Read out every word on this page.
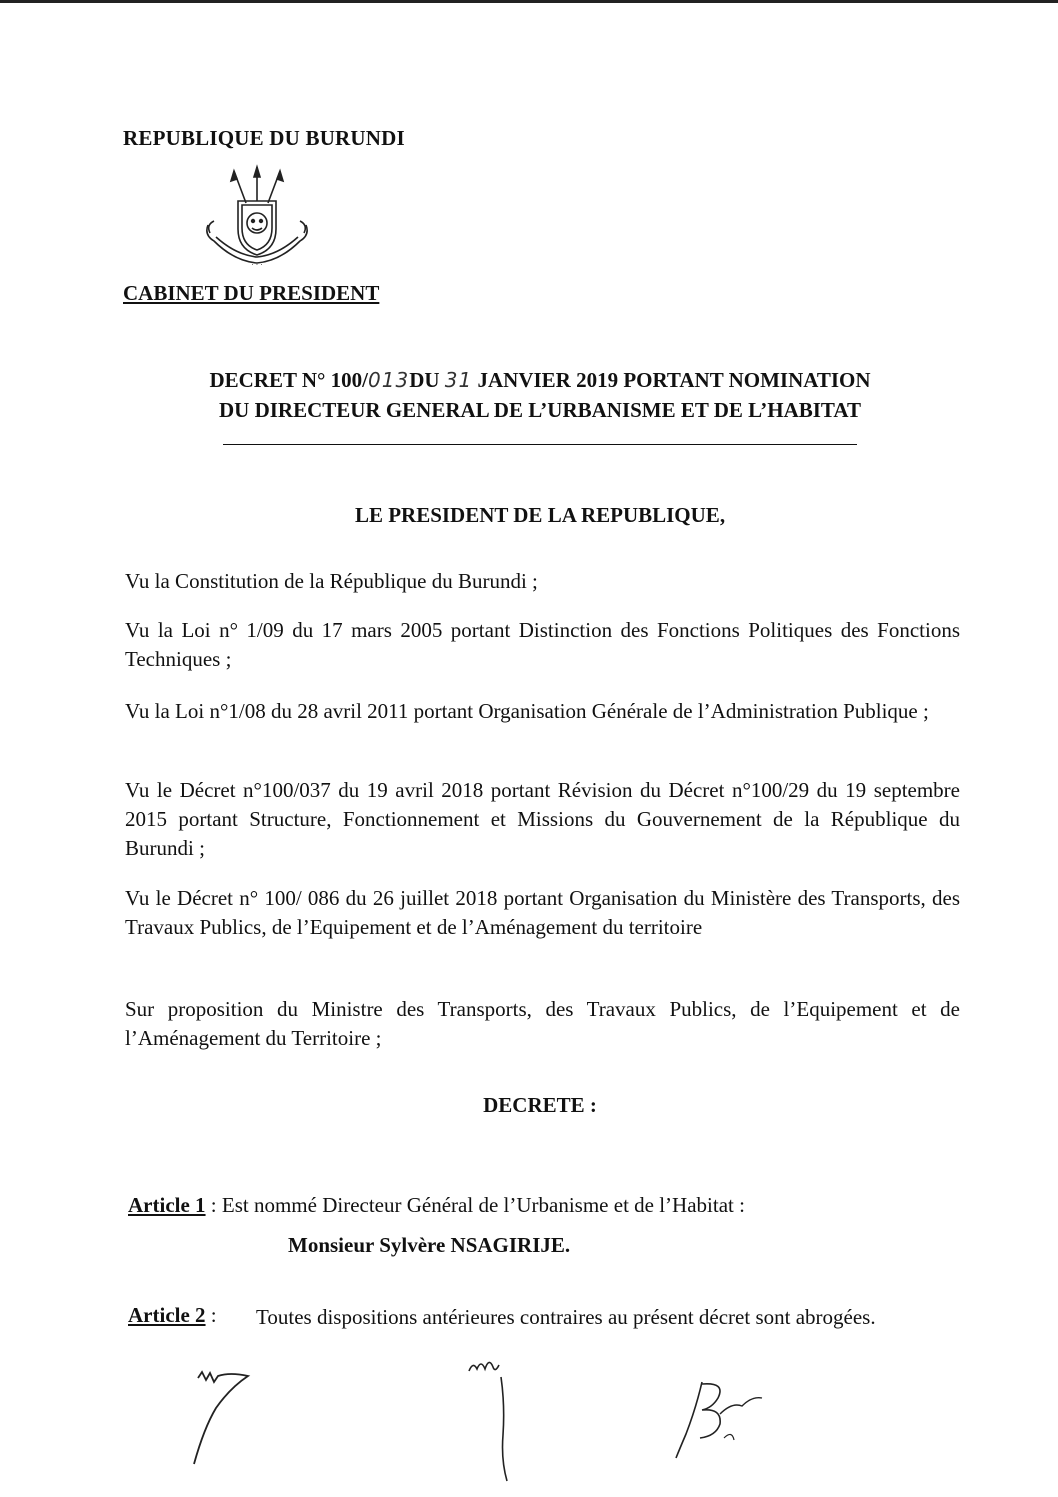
REPUBLIQUE DU BURUNDI
· · ·
CABINET DU PRESIDENT
DECRET N° 100/013DU 31 JANVIER 2019 PORTANT NOMINATION
DU DIRECTEUR GENERAL DE L’URBANISME ET DE L’HABITAT
LE PRESIDENT DE LA REPUBLIQUE,
Vu la Constitution de la République du Burundi ;
Vu la Loi n° 1/09 du 17 mars 2005 portant Distinction des Fonctions Politiques des Fonctions Techniques ;
Vu la Loi n°1/08 du 28 avril 2011 portant Organisation Générale de l’Administration Publique ;
Vu le Décret n°100/037 du 19 avril 2018 portant Révision du Décret n°100/29 du 19 septembre 2015 portant Structure, Fonctionnement et Missions du Gouvernement de la République du Burundi ;
Vu le Décret n° 100/ 086 du 26 juillet 2018 portant Organisation du Ministère des Transports, des Travaux Publics, de l’Equipement et de l’Aménagement du territoire
Sur proposition du Ministre des Transports, des Travaux Publics, de l’Equipement et de l’Aménagement du Territoire ;
DECRETE :
Article 1 : Est nommé Directeur Général de l’Urbanisme et de l’Habitat :
Monsieur Sylvère NSAGIRIJE.
Article 2 :	Toutes dispositions antérieures contraires au présent décret sont abrogées.
